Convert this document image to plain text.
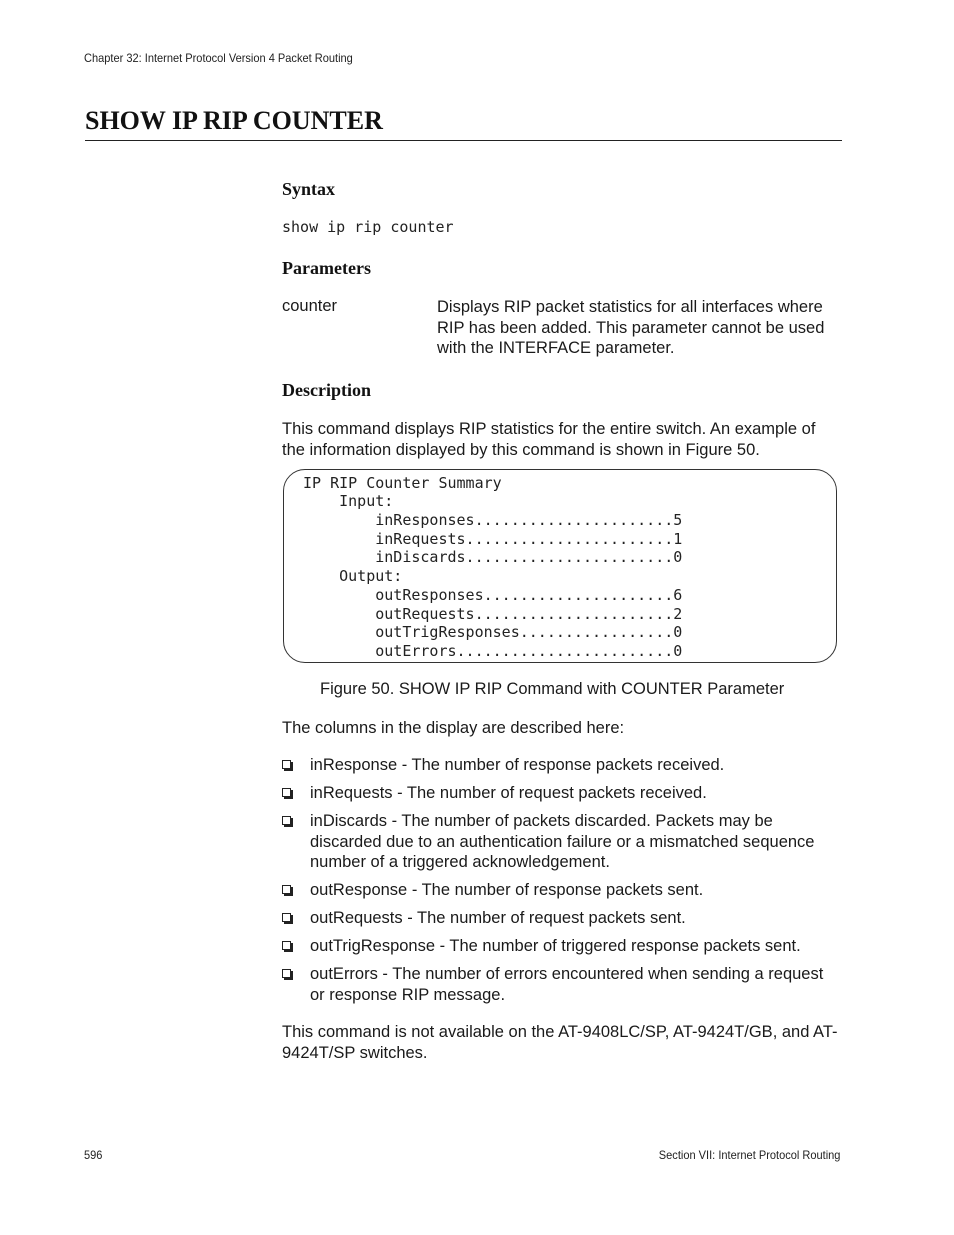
Chapter 32: Internet Protocol Version 4 Packet Routing
SHOW IP RIP COUNTER
Syntax
show ip rip counter
Parameters
counter	Displays RIP packet statistics for all interfaces where RIP has been added. This parameter cannot be used with the INTERFACE parameter.
Description
This command displays RIP statistics for the entire switch. An example of the information displayed by this command is shown in Figure 50.
IP RIP Counter Summary
Input:
inResponses......................5
inRequests.......................1
inDiscards.......................0
Output:
outResponses.....................6
outRequests......................2
outTrigResponses.................0
outErrors........................0
Figure 50. SHOW IP RIP Command with COUNTER Parameter
The columns in the display are described here:
inResponse - The number of response packets received.
inRequests - The number of request packets received.
inDiscards - The number of packets discarded. Packets may be discarded due to an authentication failure or a mismatched sequence number of a triggered acknowledgement.
outResponse - The number of response packets sent.
outRequests - The number of request packets sent.
outTrigResponse - The number of triggered response packets sent.
outErrors - The number of errors encountered when sending a request or response RIP message.
This command is not available on the AT-9408LC/SP, AT-9424T/GB, and AT-9424T/SP switches.
596	Section VII: Internet Protocol Routing
